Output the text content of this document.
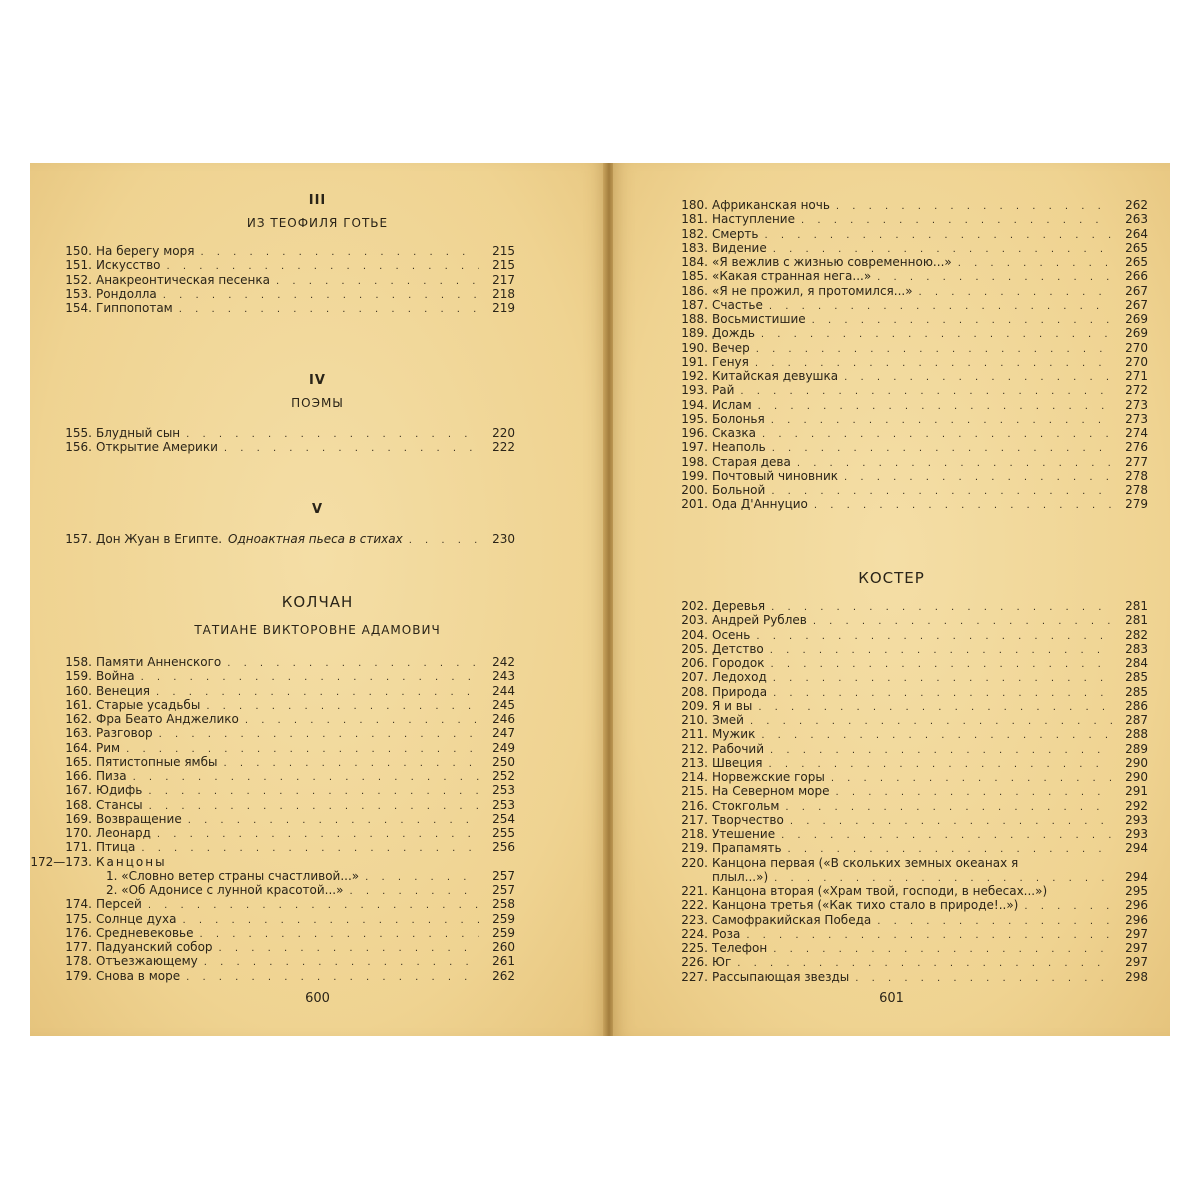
III
ИЗ ТЕОФИЛЯ ГОТЬЕ
150. На берегу моря . . .	215
151. Искусство . . .	215
152. Анакреонтическая песенка . . .	217
153. Рондолла . . .	218
154. Гиппопотам . . .	219
IV
ПОЭМЫ
155. Блудный сын . . .	220
156. Открытие Америки . . .	222
V
157. Дон Жуан в Египте. Одноактная пьеса в стихах . . .	230
КОЛЧАН
ТАТИАНЕ ВИКТОРОВНЕ АДАМОВИЧ
158. Памяти Анненского . . .	242
159. Война . . .	243
160. Венеция . . .	244
161. Старые усадьбы . . .	245
162. Фра Беато Анджелико . . .	246
163. Разговор . . .	247
164. Рим . . .	249
165. Пятистопные ямбы . . .	250
166. Пиза . . .	252
167. Юдифь . . .	253
168. Стансы . . .	253
169. Возвращение . . .	254
170. Леонард . . .	255
171. Птица . . .	256
172—173. Канцоны
1. «Словно ветер страны счастливой...» . . .	257
2. «Об Адонисе с лунной красотой...» . . .	257
174. Персей . . .	258
175. Солнце духа . . .	259
176. Средневековье . . .	259
177. Падуанский собор . . .	260
178. Отъезжающему . . .	261
179. Снова в море . . .	262
600
180. Африканская ночь . . .	262
181. Наступление . . .	263
182. Смерть . . .	264
183. Видение . . .	265
184. «Я вежлив с жизнью современною...» . . .	265
185. «Какая странная нега...» . . .	266
186. «Я не прожил, я протомился...» . . .	267
187. Счастье . . .	267
188. Восьмистишие . . .	269
189. Дождь . . .	269
190. Вечер . . .	270
191. Генуя . . .	270
192. Китайская девушка . . .	271
193. Рай . . .	272
194. Ислам . . .	273
195. Болонья . . .	273
196. Сказка . . .	274
197. Неаполь . . .	276
198. Старая дева . . .	277
199. Почтовый чиновник . . .	278
200. Больной . . .	278
201. Ода Д'Аннуцио . . .	279
КОСТЕР
202. Деревья . . .	281
203. Андрей Рублев . . .	281
204. Осень . . .	282
205. Детство . . .	283
206. Городок . . .	284
207. Ледоход . . .	285
208. Природа . . .	285
209. Я и вы . . .	286
210. Змей . . .	287
211. Мужик . . .	288
212. Рабочий . . .	289
213. Швеция . . .	290
214. Норвежские горы . . .	290
215. На Северном море . . .	291
216. Стокгольм . . .	292
217. Творчество . . .	293
218. Утешение . . .	293
219. Прапамять . . .	294
220. Канцона первая («В скольких земных океанах я
плыл...») . . .	294
221. Канцона вторая («Храм твой, господи, в небесах...»)	295
222. Канцона третья («Как тихо стало в природе!..») . . .	296
223. Самофракийская Победа . . .	296
224. Роза . . .	297
225. Телефон . . .	297
226. Юг . . .	297
227. Рассыпающая звезды . . .	298
601
